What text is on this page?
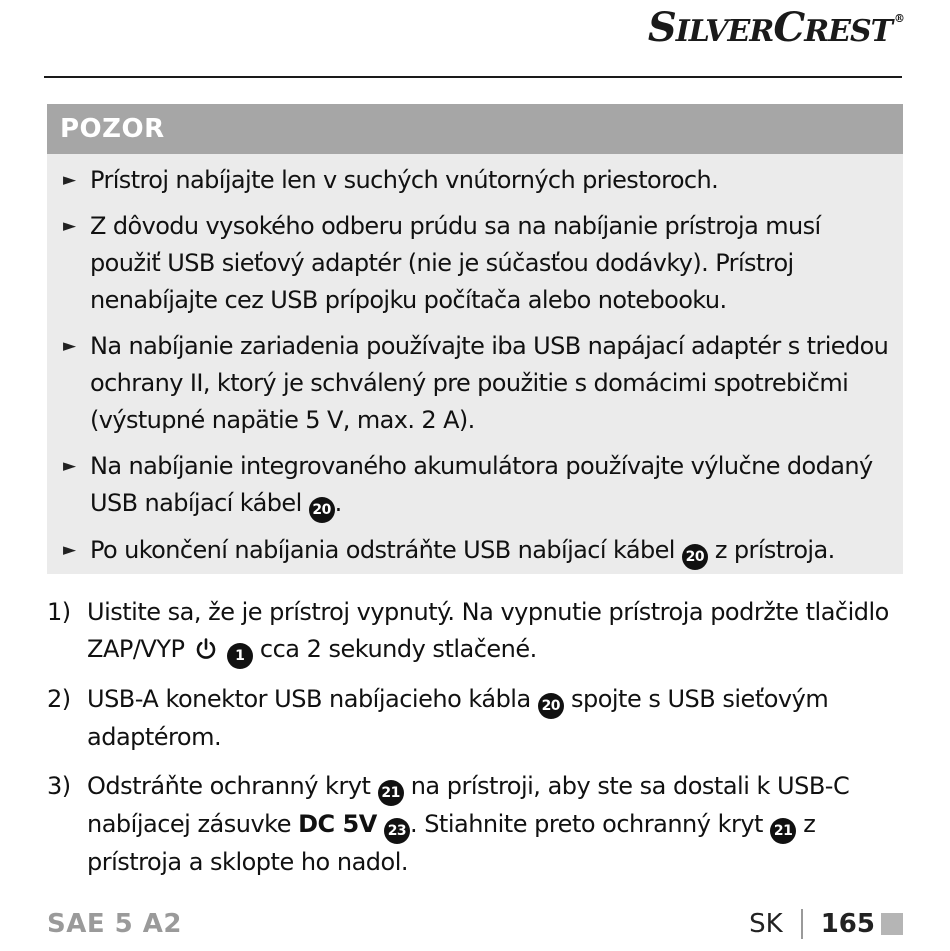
SILVERCREST ®
POZOR
► Prístroj nabíjajte len v suchých vnútorných priestoroch.
► Z dôvodu vysokého odberu prúdu sa na nabíjanie prístroja musí použiť USB sieťový adaptér (nie je súčasťou dodávky). Prístroj nenabíjajte cez USB prípojku počítača alebo notebooku.
► Na nabíjanie zariadenia používajte iba USB napájací adaptér s triedou ochrany II, ktorý je schválený pre použitie s domácimi spotrebičmi (výstupné napätie 5 V, max. 2 A).
► Na nabíjanie integrovaného akumulátora používajte výlučne dodaný USB nabíjací kábel 20 .
► Po ukončení nabíjania odstráňte USB nabíjací kábel 20 z prístroja.
1) Uistite sa, že je prístroj vypnutý. Na vypnutie prístroja podržte tlačidlo ZAP/VYP	1 cca 2 sekundy stlačené.
2) USB-A konektor USB nabíjacieho kábla 20 spojte s USB sieťovým adaptérom.
3) Odstráňte ochranný kryt 21 na prístroji, aby ste sa dostali k USB-C nabíjacej zásuvke DC 5V 23 . Stiahnite preto ochranný kryt 21 z prístroja a sklopte ho nadol.
SAE 5 A2	SK 165
